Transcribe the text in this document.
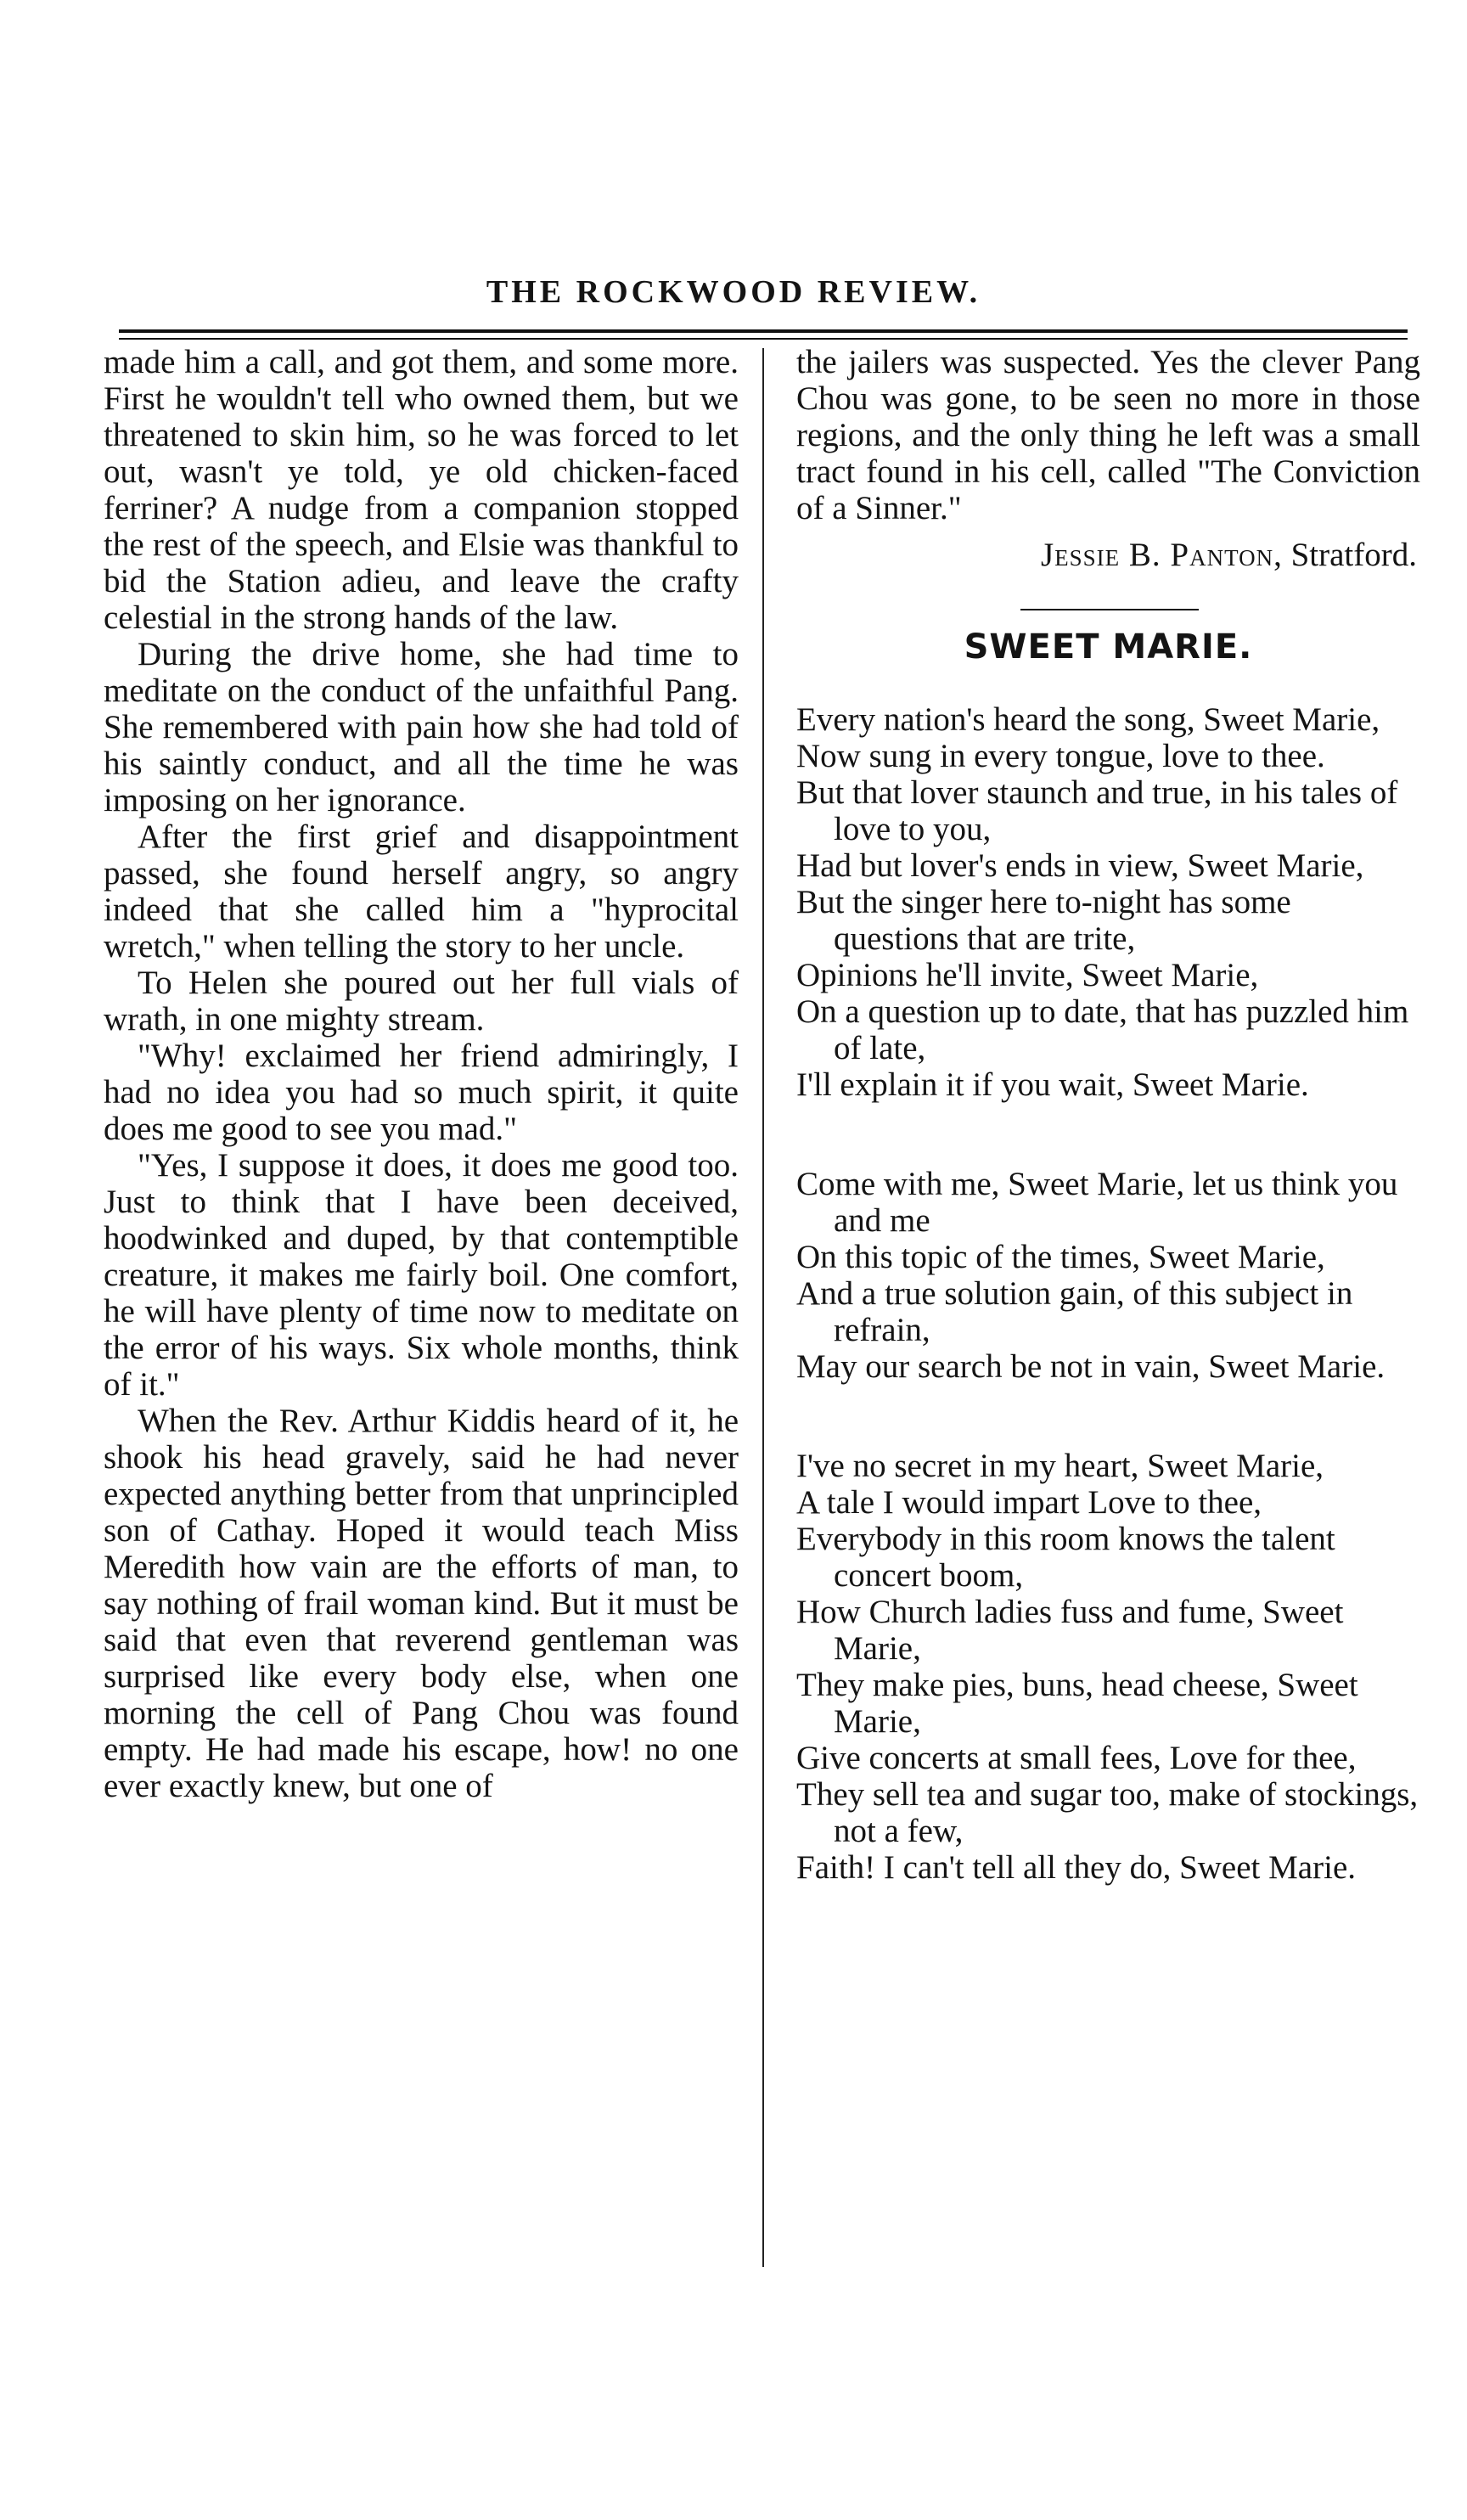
THE ROCKWOOD REVIEW.

made him a call, and got them, and some more. First he wouldn't tell who owned them, but we threatened to skin him, so he was forced to let out, wasn't ye told, ye old chicken-faced ferriner? A nudge from a companion stopped the rest of the speech, and Elsie was thankful to bid the Station adieu, and leave the crafty celestial in the strong hands of the law.

During the drive home, she had time to meditate on the conduct of the unfaithful Pang. She remembered with pain how she had told of his saintly conduct, and all the time he was imposing on her ignorance.

After the first grief and disappointment passed, she found herself angry, so angry indeed that she called him a "hyprocital wretch," when telling the story to her uncle.

To Helen she poured out her full vials of wrath, in one mighty stream.

"Why! exclaimed her friend admiringly, I had no idea you had so much spirit, it quite does me good to see you mad."

"Yes, I suppose it does, it does me good too. Just to think that I have been deceived, hoodwinked and duped, by that contemptible creature, it makes me fairly boil. One comfort, he will have plenty of time now to meditate on the error of his ways. Six whole months, think of it."

When the Rev. Arthur Kiddis heard of it, he shook his head gravely, said he had never expected anything better from that unprincipled son of Cathay. Hoped it would teach Miss Meredith how vain are the efforts of man, to say nothing of frail woman kind. But it must be said that even that reverend gentleman was surprised like every body else, when one morning the cell of Pang Chou was found empty. He had made his escape, how! no one ever exactly knew, but one of

the jailers was suspected. Yes the clever Pang Chou was gone, to be seen no more in those regions, and the only thing he left was a small tract found in his cell, called "The Conviction of a Sinner."

Jessie B. Panton, Stratford.
SWEET MARIE.
Every nation's heard the song, Sweet Marie,
Now sung in every tongue, love to thee.
But that lover staunch and true, in his tales of love to you,
Had but lover's ends in view, Sweet Marie,
But the singer here to-night has some questions that are trite,
Opinions he'll invite, Sweet Marie,
On a question up to date, that has puzzled him of late,
I'll explain it if you wait, Sweet Marie.
Come with me, Sweet Marie, let us think you and me
On this topic of the times, Sweet Marie,
And a true solution gain, of this subject in refrain,
May our search be not in vain, Sweet Marie.
I've no secret in my heart, Sweet Marie,
A tale I would impart Love to thee,
Everybody in this room knows the talent concert boom,
How Church ladies fuss and fume, Sweet Marie,
They make pies, buns, head cheese, Sweet Marie,
Give concerts at small fees, Love for thee,
They sell tea and sugar too, make of stockings, not a few,
Faith! I can't tell all they do, Sweet Marie.
